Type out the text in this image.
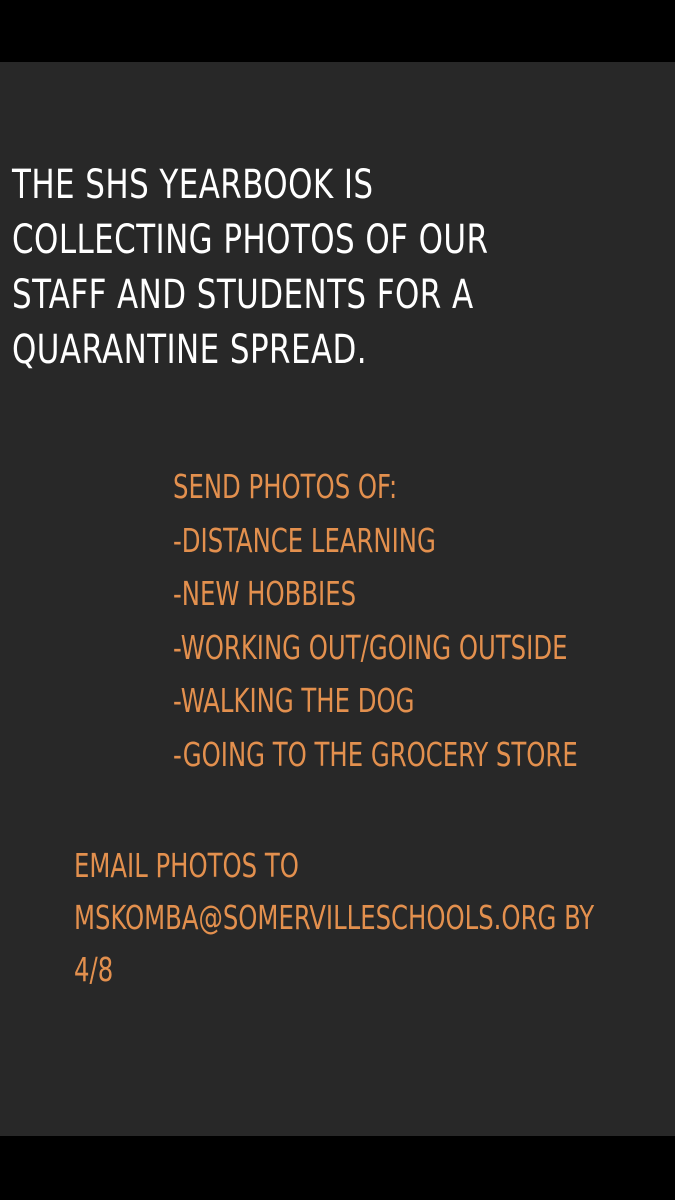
THE SHS YEARBOOK IS
COLLECTING PHOTOS OF OUR
STAFF AND STUDENTS FOR A
QUARANTINE SPREAD.
SEND PHOTOS OF:
-DISTANCE LEARNING
-NEW HOBBIES
-WORKING OUT/GOING OUTSIDE
-WALKING THE DOG
-GOING TO THE GROCERY STORE
EMAIL PHOTOS TO
MSKOMBA@SOMERVILLESCHOOLS.ORG BY
4/8
